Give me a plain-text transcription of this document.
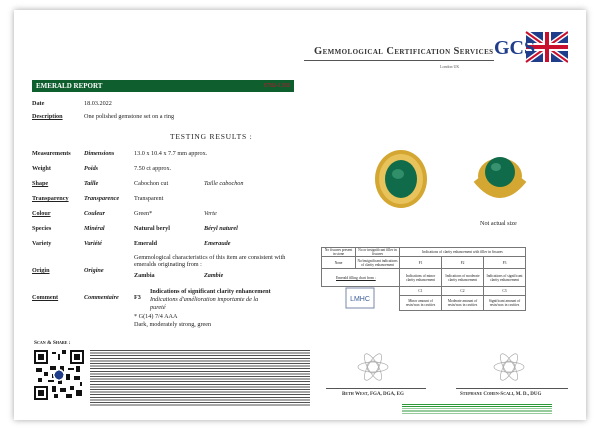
Gemmological Certification Services
London UK
GCS
EMERALD REPORT	S782-1392
Date	18.03.2022
Description	One polished gemstone set on a ring
TESTING RESULTS :
Measurements Dimensions	13.0 x 10.4 x 7.7 mm approx.
Weight	Poids	7.50 ct approx.
Shape	Taille	Cabochon cut	Taille cabochon
Transparency Transparence Transparent
Colour	Couleur	Green*	Verte
Species	Minéral	Natural beryl	Béryl naturel
Variety	Variété	Emerald	Emeraude
Gemmological characteristics of this item are consistent with
emeralds originating from :
Origin	Origine
Zambia	Zambie
Indications of significant clarity enhancement
Comment	Commentaire F3 Indications d'amélioration importante de la
pureté
* G(14) 7/4 AAA
Dark, moderately strong, green
Not actual size
No fissures present in stone	No or insignificant filler in fissures	Indications of clarity enhancement with filler in fissures		
None	No/insignificant indications of clarity enhancement	F1	F2	F3
Emerald filling chart from :		Indications of minor clarity enhancement	Indications of moderate clarity enhancement	Indications of significant clarity enhancement

LMHC		C1	C2	C3
		Minor amount of resin/wax in cavities	Moderate amount of resin/wax in cavities	Significant amount of resin/wax in cavities
Scan & Share :
Beth West, FGA, DGA, EG	Stephane Cohen-Scali, M. D., DUG
